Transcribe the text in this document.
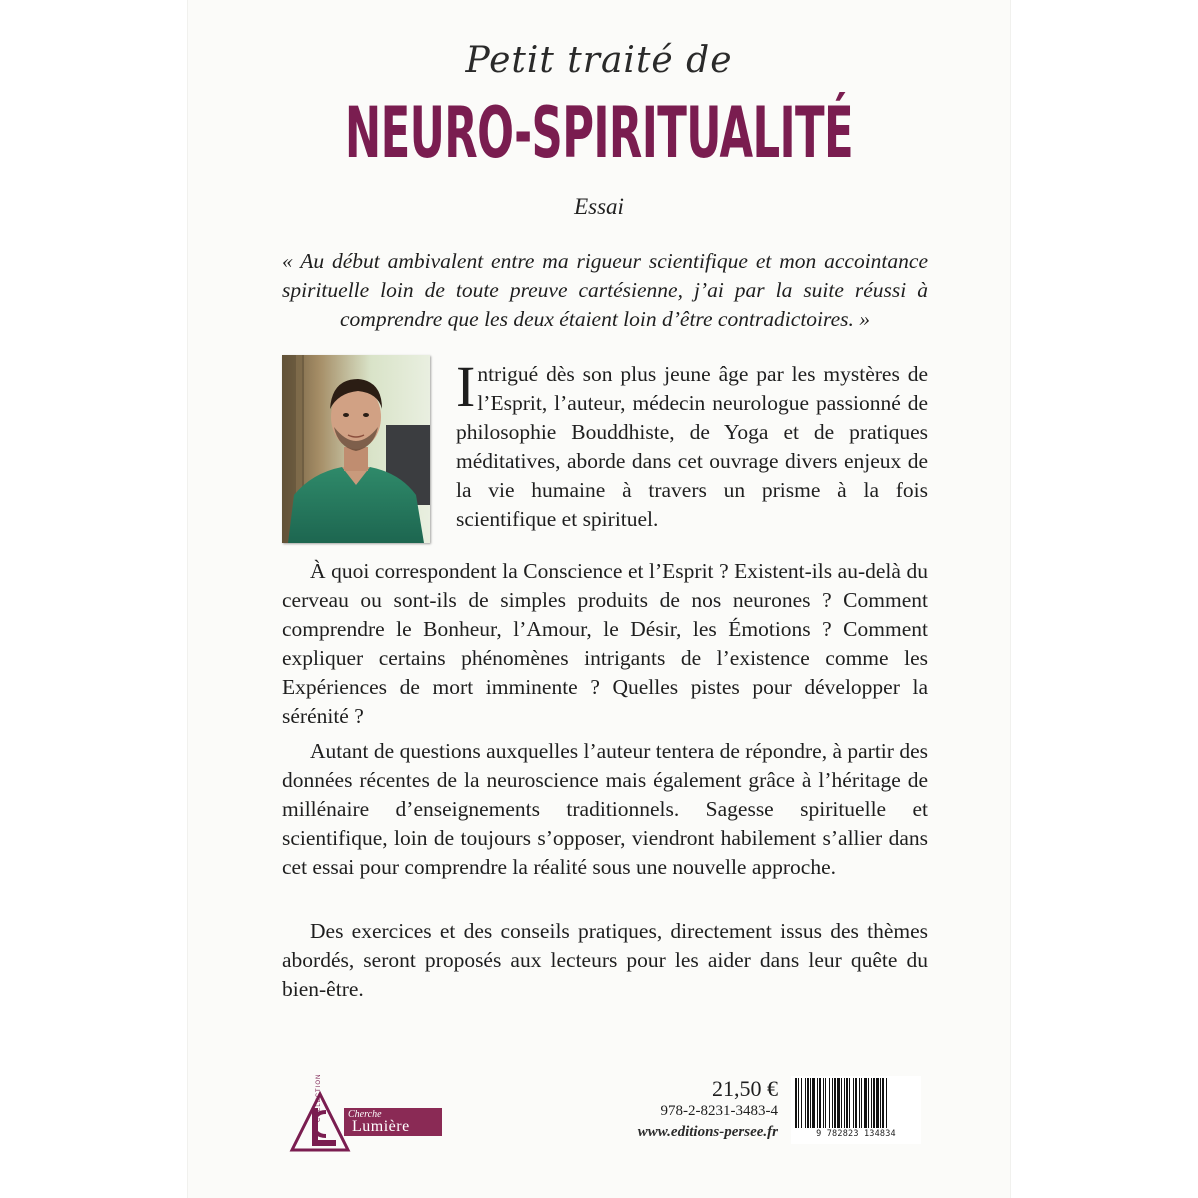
Petit traité de
NEURO-SPIRITUALITÉ
Essai
« Au début ambivalent entre ma rigueur scientifique et mon accointance spirituelle loin de toute preuve cartésienne, j’ai par la suite réussi à comprendre que les deux étaient loin d’être contradictoires. »
Intrigué dès son plus jeune âge par les mystères de l’Esprit, l’auteur, médecin neurologue passionné de philosophie Bouddhiste, de Yoga et de pratiques méditatives, aborde dans cet ouvrage divers enjeux de la vie humaine à travers un prisme à la fois scientifique et spirituel.
À quoi correspondent la Conscience et l’Esprit ? Existent-ils au-delà du cerveau ou sont-ils de simples produits de nos neurones ? Comment comprendre le Bonheur, l’Amour, le Désir, les Émotions ? Comment expliquer certains phénomènes intrigants de l’existence comme les Expériences de mort imminente ? Quelles pistes pour développer la sérénité ?
Autant de questions auxquelles l’auteur tentera de répondre, à partir des données récentes de la neuroscience mais également grâce à l’héritage de millénaire d’enseignements traditionnels. Sagesse spirituelle et scientifique, loin de toujours s’opposer, viendront habilement s’allier dans cet essai pour comprendre la réalité sous une nouvelle approche.
Des exercices et des conseils pratiques, directement issus des thèmes abordés, seront proposés aux lecteurs pour les aider dans leur quête du bien-être.
COLLECTION	Cherche
Lumière
21,50 €
978-2-8231-3483-4
www.editions-persee.fr	9 782823 134834
